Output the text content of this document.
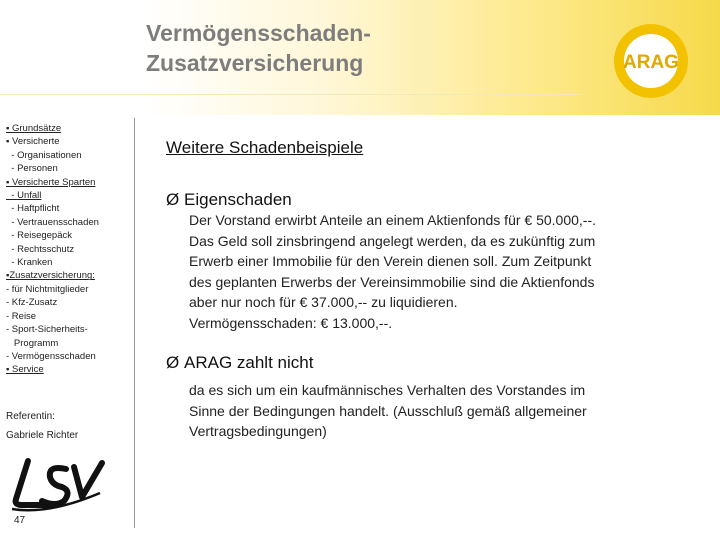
Vermögensschaden-
Zusatzversicherung	ARAG
▪ Grundsätze
▪ Versicherte
- Organisationen
- Personen
▪ Versicherte Sparten
- Unfall
- Haftpflicht
- Vertrauensschaden
- Reisegepäck
- Rechtsschutz
- Kranken
▪Zusatzversicherung:
- für Nichtmitglieder
- Kfz-Zusatz
- Reise
- Sport-Sicherheits-
Programm
- Vermögensschaden
▪ Service
Referentin:
Gabriele Richter
47
Weitere Schadenbeispiele
Ø Eigenschaden
Der Vorstand erwirbt Anteile an einem Aktienfonds für € 50.000,--.
Das Geld soll zinsbringend angelegt werden, da es zukünftig zum
Erwerb einer Immobilie für den Verein dienen soll. Zum Zeitpunkt
des geplanten Erwerbs der Vereinsimmobilie sind die Aktienfonds
aber nur noch für € 37.000,-- zu liquidieren.
Vermögensschaden: € 13.000,--.
Ø ARAG zahlt nicht
da es sich um ein kaufmännisches Verhalten des Vorstandes im
Sinne der Bedingungen handelt. (Ausschluß gemäß allgemeiner
Vertragsbedingungen)
